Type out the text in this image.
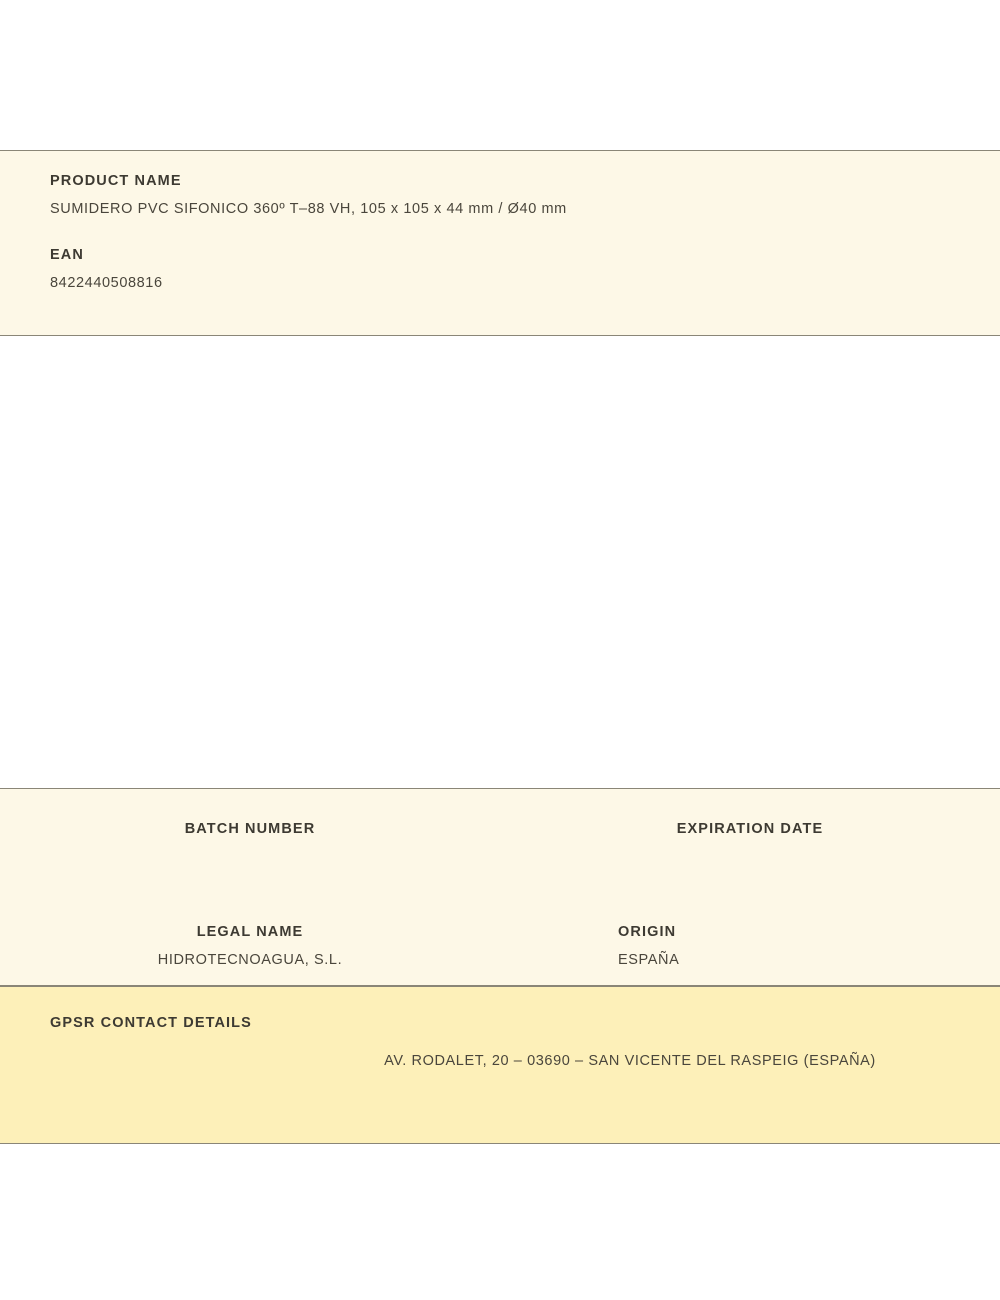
PRODUCT NAME

SUMIDERO PVC SIFONICO 360º T–88 VH, 105 x 105 x 44 mm / Ø40 mm

EAN

8422440508816

BATCH NUMBER	EXPIRATION DATE

LEGAL NAME

HIDROTECNOAGUA, S.L.

ORIGIN

ESPAÑA

GPSR CONTACT DETAILS

AV. RODALET, 20 – 03690 – SAN VICENTE DEL RASPEIG (ESPAÑA)
